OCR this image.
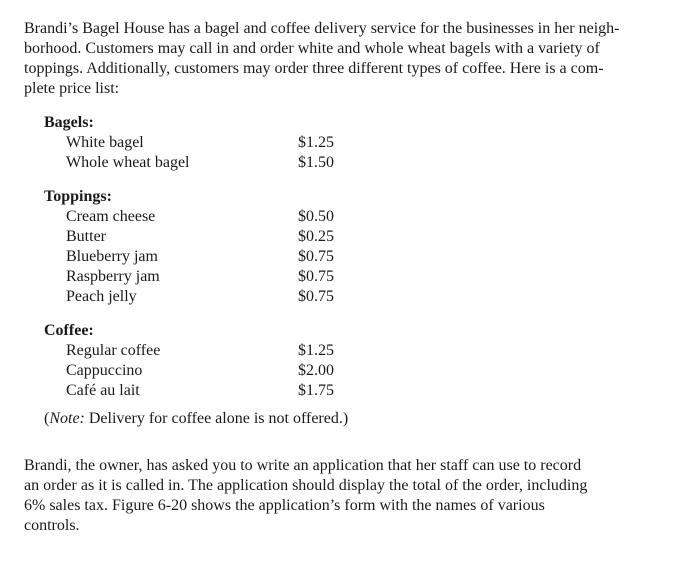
Brandi’s Bagel House has a bagel and coffee delivery service for the businesses in her neigh-
borhood. Customers may call in and order white and whole wheat bagels with a variety of
toppings. Additionally, customers may order three different types of coffee. Here is a com-
plete price list:

Bagels:
White bagel	$1.25
Whole wheat bagel	$1.50
Toppings:
Cream cheese	$0.50
Butter	$0.25
Blueberry jam	$0.75
Raspberry jam	$0.75
Peach jelly	$0.75
Coffee:
Regular coffee	$1.25
Cappuccino	$2.00
Café au lait	$1.75
(Note: Delivery for coffee alone is not offered.)

Brandi, the owner, has asked you to write an application that her staff can use to record
an order as it is called in. The application should display the total of the order, including
6% sales tax. Figure 6-20 shows the application’s form with the names of various
controls.
